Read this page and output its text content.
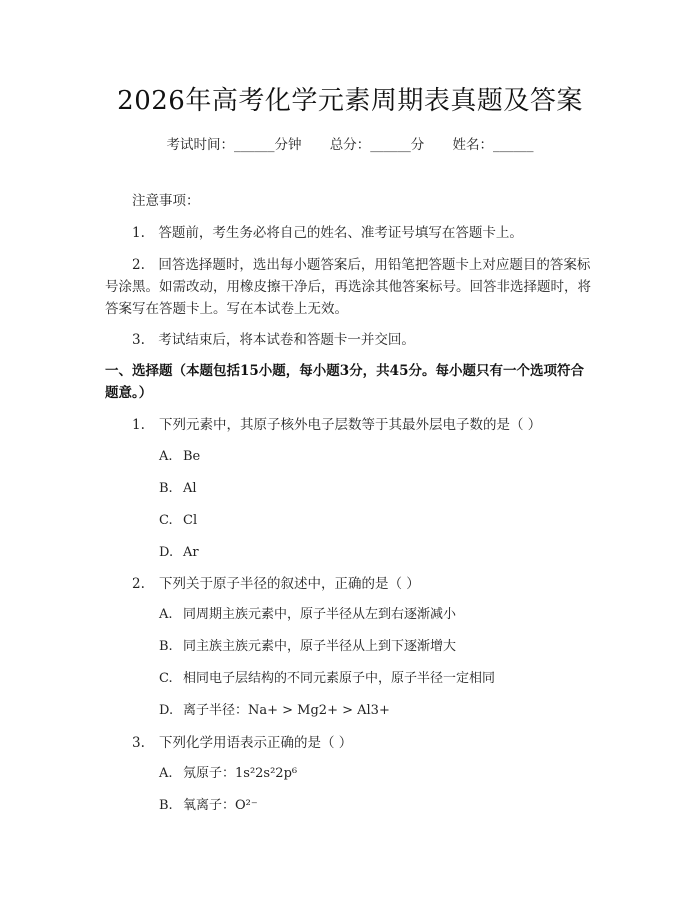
2026年高考化学元素周期表真题及答案
考试时间：______分钟 总分：______分 姓名：______
注意事项：
1.　答题前，考生务必将自己的姓名、准考证号填写在答题卡上。
2.　回答选择题时，选出每小题答案后，用铅笔把答题卡上对应题目的答案标号涂黑。如需改动，用橡皮擦干净后，再选涂其他答案标号。回答非选择题时，将答案写在答题卡上。写在本试卷上无效。
3.　考试结束后，将本试卷和答题卡一并交回。
一、选择题（本题包括15小题，每小题3分，共45分。每小题只有一个选项符合题意。）
1. 下列元素中，其原子核外电子层数等于其最外层电子数的是（ ）
A. Be
B. Al
C. Cl
D. Ar
2. 下列关于原子半径的叙述中，正确的是（ ）
A. 同周期主族元素中，原子半径从左到右逐渐减小
B. 同主族主族元素中，原子半径从上到下逐渐增大
C. 相同电子层结构的不同元素原子中，原子半径一定相同
D. 离子半径：Na+ > Mg2+ > Al3+
3. 下列化学用语表示正确的是（ ）
A. 氖原子：1s²2s²2p⁶
B. 氧离子：O²⁻
